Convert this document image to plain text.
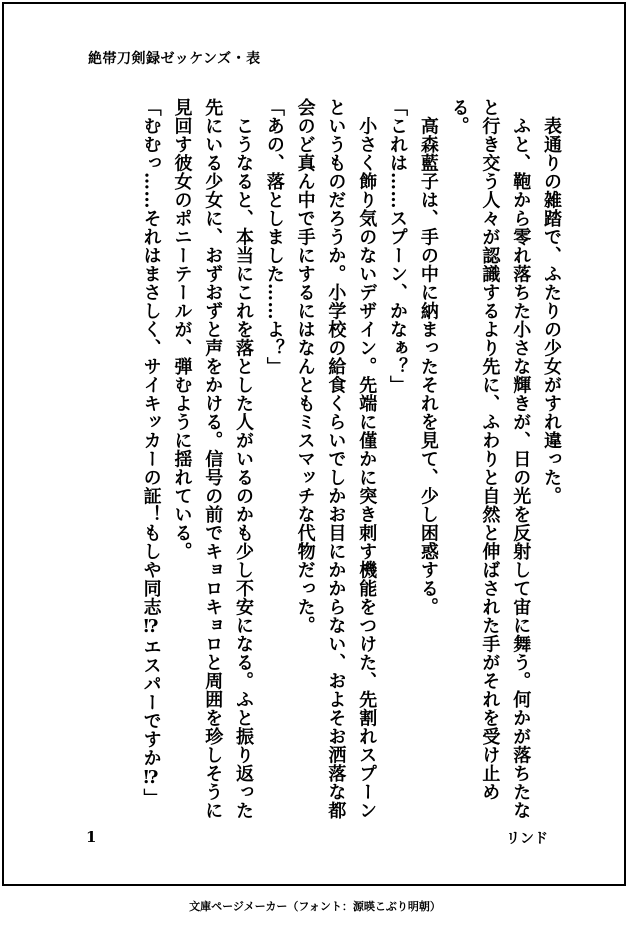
絶帯刀剣録ゼッケンズ・表

　表通りの雑踏で、ふたりの少女がすれ違った。

　ふと、鞄から零れ落ちた小さな輝きが、日の光を反射して宙に舞う。何かが落ちたなと行き交う人々が認識するより先に、ふわりと自然と伸ばされた手がそれを受け止める。

　高森藍子は、手の中に納まったそれを見て、少し困惑する。

「これは……スプーン、かなぁ？」

　小さく飾り気のないデザイン。先端に僅かに突き刺す機能をつけた、先割れスプーンというものだろうか。小学校の給食くらいでしかお目にかからない、およそお洒落な都会のど真ん中で手にするにはなんともミスマッチな代物だった。

「あの、落としました……よ？」

　こうなると、本当にこれを落とした人がいるのかも少し不安になる。ふと振り返った先にいる少女に、おずおずと声をかける。信号の前でキョロキョロと周囲を珍しそうに見回す彼女のポニーテールが、弾むように揺れている。

「むむっ……それはまさしく、サイキッカーの証！もしや同志⁉エスパーですか⁉」

1	リンド
文庫ページメーカー（フォント：源暎こぶり明朝）
